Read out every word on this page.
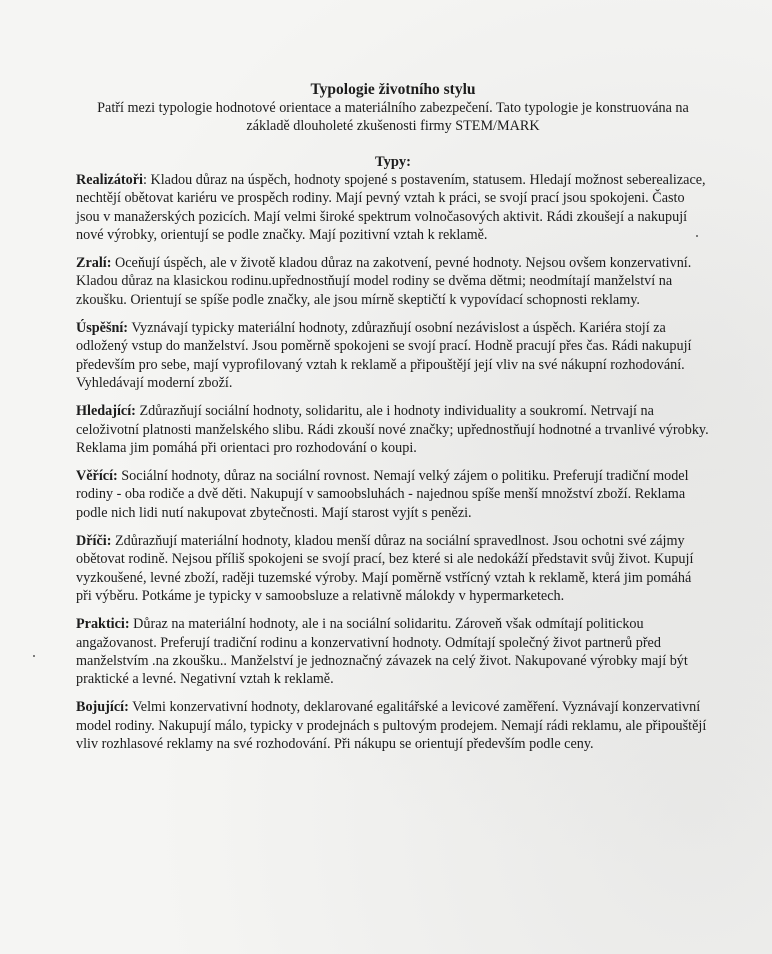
Typologie životního stylu

Patří mezi typologie hodnotové orientace a materiálního zabezpečení. Tato typologie je konstruována na základě dlouholeté zkušenosti firmy STEM/MARK

Typy:

Realizátoři: Kladou důraz na úspěch, hodnoty spojené s postavením, statusem. Hledají možnost seberealizace, nechtějí obětovat kariéru ve prospěch rodiny. Mají pevný vztah k práci, se svojí prací jsou spokojeni. Často jsou v manažerských pozicích. Mají velmi široké spektrum volnočasových aktivit. Rádi zkoušejí a nakupují nové výrobky, orientují se podle značky. Mají pozitivní vztah k reklamě.

Zralí: Oceňují úspěch, ale v životě kladou důraz na zakotvení, pevné hodnoty. Nejsou ovšem konzervativní. Kladou důraz na klasickou rodinu.upřednostňují model rodiny se dvěma dětmi; neodmítají manželství na zkoušku. Orientují se spíše podle značky, ale jsou mírně skeptičtí k vypovídací schopnosti reklamy.

Úspěšní: Vyznávají typicky materiální hodnoty, zdůrazňují osobní nezávislost a úspěch. Kariéra stojí za odložený vstup do manželství. Jsou poměrně spokojeni se svojí prací. Hodně pracují přes čas. Rádi nakupují především pro sebe, mají vyprofilovaný vztah k reklamě a připouštějí její vliv na své nákupní rozhodování. Vyhledávají moderní zboží.

Hledající: Zdůrazňují sociální hodnoty, solidaritu, ale i hodnoty individuality a soukromí. Netrvají na celoživotní platnosti manželského slibu. Rádi zkouší nové značky; upřednostňují hodnotné a trvanlivé výrobky. Reklama jim pomáhá při orientaci pro rozhodování o koupi.

Věřící: Sociální hodnoty, důraz na sociální rovnost. Nemají velký zájem o politiku. Preferují tradiční model rodiny - oba rodiče a dvě děti. Nakupují v samoobsluhách - najednou spíše menší množství zboží. Reklama podle nich lidi nutí nakupovat zbytečnosti. Mají starost vyjít s penězi.

Dříči: Zdůrazňují materiální hodnoty, kladou menší důraz na sociální spravedlnost. Jsou ochotni své zájmy obětovat rodině. Nejsou příliš spokojeni se svojí prací, bez které si ale nedokáží představit svůj život. Kupují vyzkoušené, levné zboží, raději tuzemské výroby. Mají poměrně vstřícný vztah k reklamě, která jim pomáhá při výběru. Potkáme je typicky v samoobsluze a relativně málokdy v hypermarketech.

Praktici: Důraz na materiální hodnoty, ale i na sociální solidaritu. Zároveň však odmítají politickou angažovanost. Preferují tradiční rodinu a konzervativní hodnoty. Odmítají společný život partnerů před manželstvím .na zkoušku.. Manželství je jednoznačný závazek na celý život. Nakupované výrobky mají být praktické a levné. Negativní vztah k reklamě.

Bojující: Velmi konzervativní hodnoty, deklarované egalitářské a levicové zaměření. Vyznávají konzervativní model rodiny. Nakupují málo, typicky v prodejnách s pultovým prodejem. Nemají rádi reklamu, ale připouštějí vliv rozhlasové reklamy na své rozhodování. Při nákupu se orientují především podle ceny.
